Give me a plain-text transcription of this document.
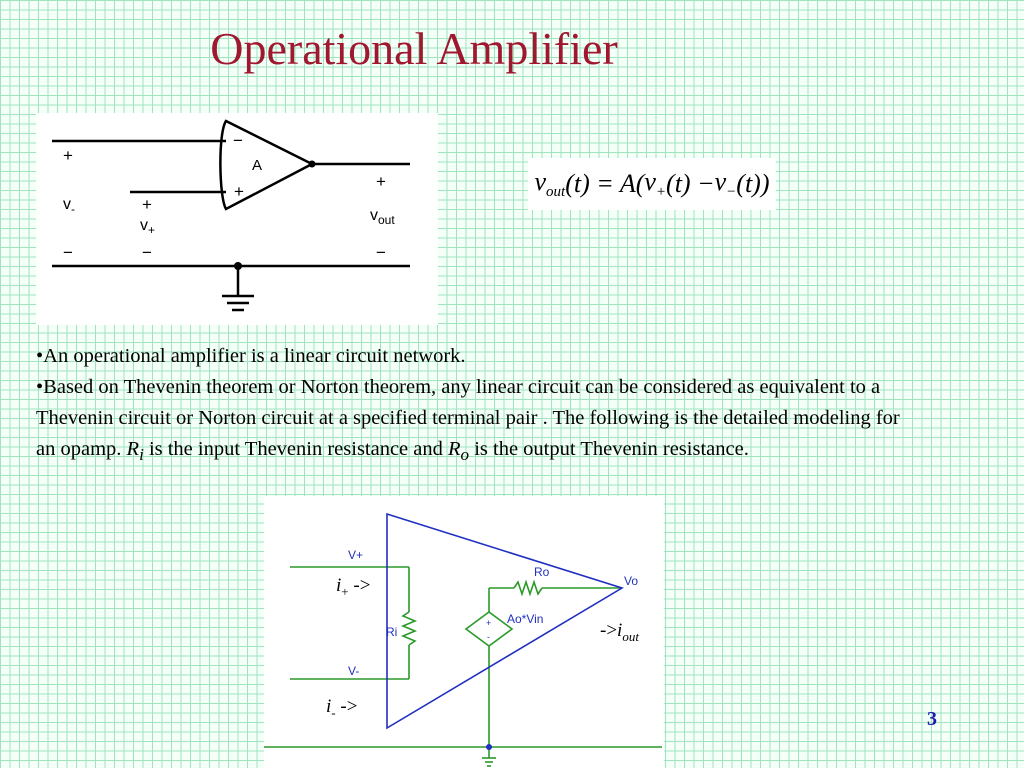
Operational Amplifier
−
+
A
+
$v_-$
−
+
$v_+$
−
+
$v_{out}$
−
$v_{out}$ (t) = A( $v_+$ $(t) - v_-$ (t))

•An operational amplifier is a linear circuit network.

•Based on Thevenin theorem or Norton theorem, any linear circuit can be considered as equivalent to a Thevenin circuit or Norton circuit at a specified terminal pair . The following is the detailed modeling for an opamp. $R_i$ is the input Thevenin resistance and $R_o$ is the output Thevenin resistance.

V+
V-
Ri
Ro
Vo
Ao*Vin
+
-
$i_+$ ->
$i_-$ ->
$->i_{out}$
3
